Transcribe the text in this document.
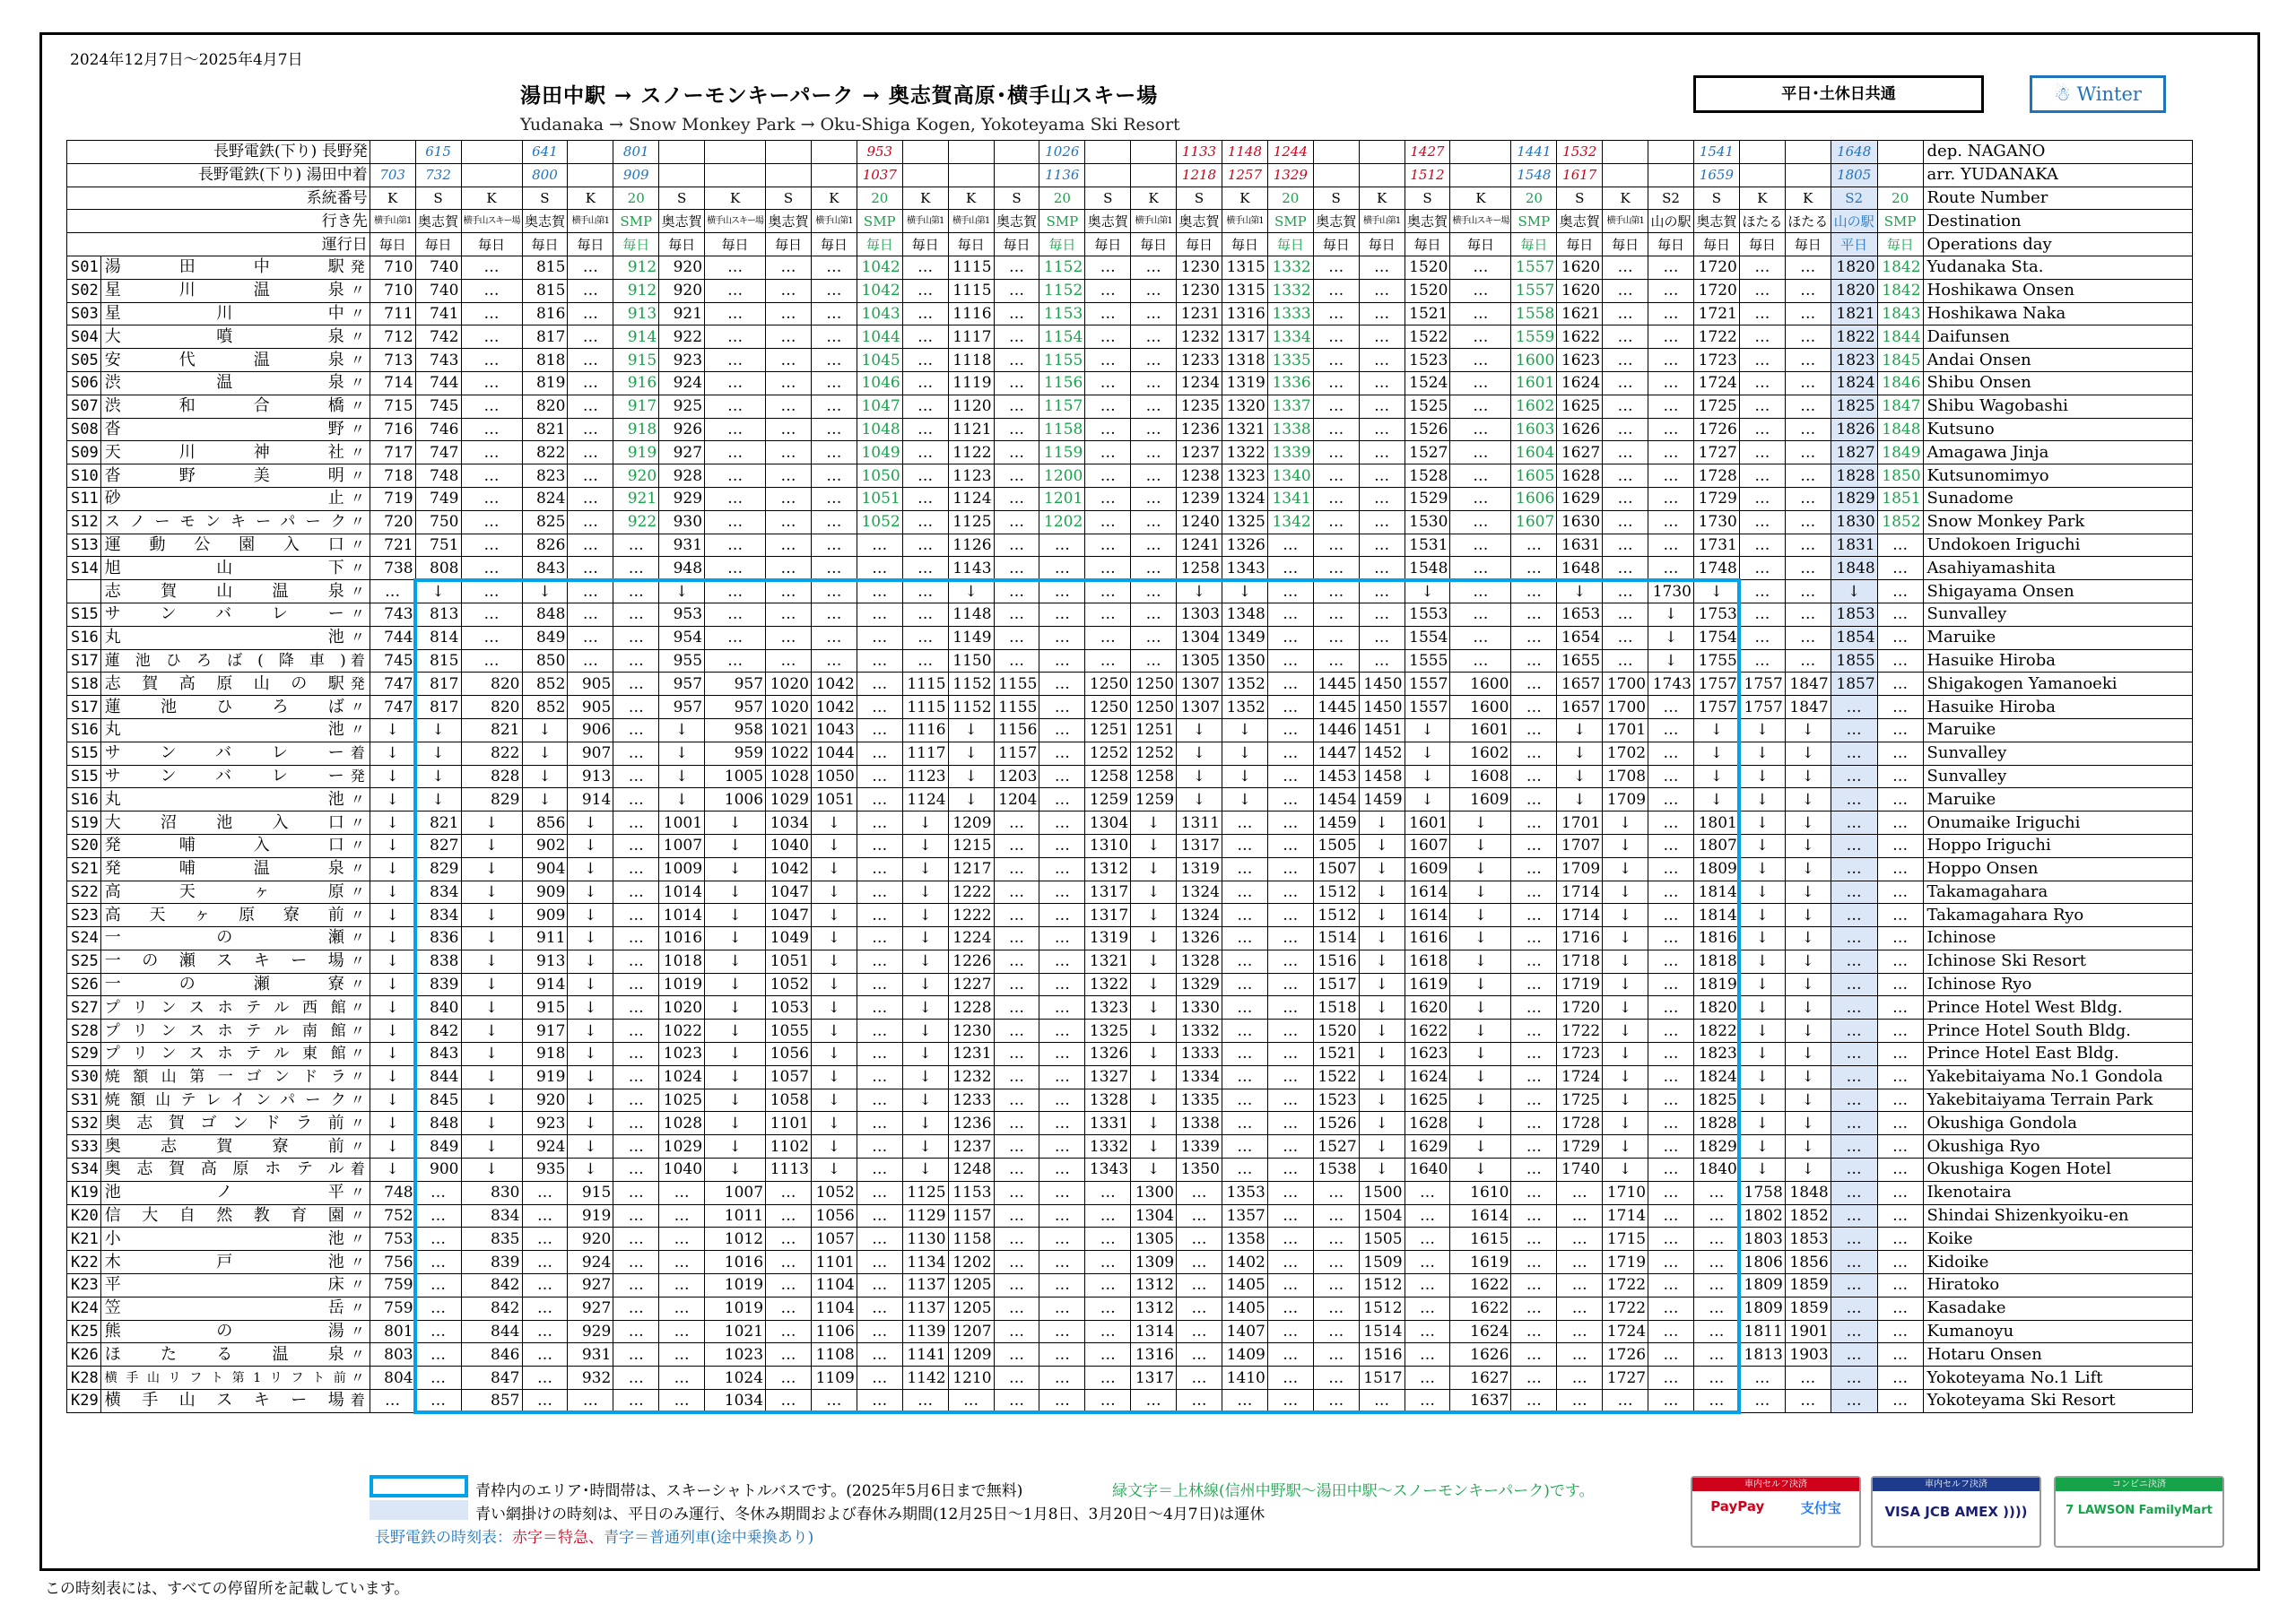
2024年12月7日～2025年4月7日
湯田中駅 → スノーモンキーパーク → 奥志賀高原･横手山スキー場
Yudanaka → Snow Monkey Park → Oku-Shiga Kogen, Yokoteyama Ski Resort
平日･土休日共通	☃ Winter
長野電鉄(下り) 長野発			615		641		801					953				1026			1133	1148	1244			1427		1441	1532			1541			1648		dep. NAGANO
長野電鉄(下り) 湯田中着		703	732		800		909					1037				1136			1218	1257	1329			1512		1548	1617			1659			1805		arr. YUDANAKA
系統番号		K	S	K	S	K	20	S	K	S	K	20	K	K	S	20	S	K	S	K	20	S	K	S	K	20	S	K	S2	S	K	K	S2	20	Route Number
行き先		横手山第1	奥志賀	横手山スキー場	奥志賀	横手山第1	SMP	奥志賀	横手山スキー場	奥志賀	横手山第1	SMP	横手山第1	横手山第1	奥志賀	SMP	奥志賀	横手山第1	奥志賀	横手山第1	SMP	奥志賀	横手山第1	奥志賀	横手山スキー場	SMP	奥志賀	横手山第1	山の駅	奥志賀	ほたる	ほたる	山の駅	SMP	Destination
運行日		毎日	毎日	毎日	毎日	毎日	毎日	毎日	毎日	毎日	毎日	毎日	毎日	毎日	毎日	毎日	毎日	毎日	毎日	毎日	毎日	毎日	毎日	毎日	毎日	毎日	毎日	毎日	毎日	毎日	毎日	毎日	平日	毎日	Operations day
S01	湯田中駅 発	710	740	…	815	…	912	920	…	…	…	1042	…	1115	…	1152	…	…	1230	1315	1332	…	…	1520	…	1557	1620	…	…	1720	…	…	1820	1842	Yudanaka Sta.
S02	星川温泉 〃	710	740	…	815	…	912	920	…	…	…	1042	…	1115	…	1152	…	…	1230	1315	1332	…	…	1520	…	1557	1620	…	…	1720	…	…	1820	1842	Hoshikawa Onsen
S03	星川中 〃	711	741	…	816	…	913	921	…	…	…	1043	…	1116	…	1153	…	…	1231	1316	1333	…	…	1521	…	1558	1621	…	…	1721	…	…	1821	1843	Hoshikawa Naka
S04	大噴泉 〃	712	742	…	817	…	914	922	…	…	…	1044	…	1117	…	1154	…	…	1232	1317	1334	…	…	1522	…	1559	1622	…	…	1722	…	…	1822	1844	Daifunsen
S05	安代温泉 〃	713	743	…	818	…	915	923	…	…	…	1045	…	1118	…	1155	…	…	1233	1318	1335	…	…	1523	…	1600	1623	…	…	1723	…	…	1823	1845	Andai Onsen
S06	渋温泉 〃	714	744	…	819	…	916	924	…	…	…	1046	…	1119	…	1156	…	…	1234	1319	1336	…	…	1524	…	1601	1624	…	…	1724	…	…	1824	1846	Shibu Onsen
S07	渋和合橋 〃	715	745	…	820	…	917	925	…	…	…	1047	…	1120	…	1157	…	…	1235	1320	1337	…	…	1525	…	1602	1625	…	…	1725	…	…	1825	1847	Shibu Wagobashi
S08	沓野 〃	716	746	…	821	…	918	926	…	…	…	1048	…	1121	…	1158	…	…	1236	1321	1338	…	…	1526	…	1603	1626	…	…	1726	…	…	1826	1848	Kutsuno
S09	天川神社 〃	717	747	…	822	…	919	927	…	…	…	1049	…	1122	…	1159	…	…	1237	1322	1339	…	…	1527	…	1604	1627	…	…	1727	…	…	1827	1849	Amagawa Jinja
S10	沓野美明 〃	718	748	…	823	…	920	928	…	…	…	1050	…	1123	…	1200	…	…	1238	1323	1340	…	…	1528	…	1605	1628	…	…	1728	…	…	1828	1850	Kutsunomimyo
S11	砂止 〃	719	749	…	824	…	921	929	…	…	…	1051	…	1124	…	1201	…	…	1239	1324	1341	…	…	1529	…	1606	1629	…	…	1729	…	…	1829	1851	Sunadome
S12	スノーモンキーパーク 〃	720	750	…	825	…	922	930	…	…	…	1052	…	1125	…	1202	…	…	1240	1325	1342	…	…	1530	…	1607	1630	…	…	1730	…	…	1830	1852	Snow Monkey Park
S13	運動公園入口 〃	721	751	…	826	…	…	931	…	…	…	…	…	1126	…	…	…	…	1241	1326	…	…	…	1531	…	…	1631	…	…	1731	…	…	1831	…	Undokoen Iriguchi
S14	旭山下 〃	738	808	…	843	…	…	948	…	…	…	…	…	1143	…	…	…	…	1258	1343	…	…	…	1548	…	…	1648	…	…	1748	…	…	1848	…	Asahiyamashita

	志賀山温泉 〃	…	↓	…	↓	…	…	↓	…	…	…	…	…	↓	…	…	…	…	↓	↓	…	…	…	↓	…	…	↓	…	1730	↓	…	…	↓	…	Shigayama Onsen
S15	サンバレー 〃	743	813	…	848	…	…	953	…	…	…	…	…	1148	…	…	…	…	1303	1348	…	…	…	1553	…	…	1653	…	↓	1753	…	…	1853	…	Sunvalley
S16	丸池 〃	744	814	…	849	…	…	954	…	…	…	…	…	1149	…	…	…	…	1304	1349	…	…	…	1554	…	…	1654	…	↓	1754	…	…	1854	…	Maruike
S17	蓮池ひろば(降車) 着	745	815	…	850	…	…	955	…	…	…	…	…	1150	…	…	…	…	1305	1350	…	…	…	1555	…	…	1655	…	↓	1755	…	…	1855	…	Hasuike Hiroba
S18	志賀高原山の駅 発	747	817	820	852	905	…	957	957	1020	1042	…	1115	1152	1155	…	1250	1250	1307	1352	…	1445	1450	1557	1600	…	1657	1700	1743	1757	1757	1847	1857	…	Shigakogen Yamanoeki
S17	蓮池ひろば 〃	747	817	820	852	905	…	957	957	1020	1042	…	1115	1152	1155	…	1250	1250	1307	1352	…	1445	1450	1557	1600	…	1657	1700	…	1757	1757	1847	…	…	Hasuike Hiroba
S16	丸池 〃	↓	↓	821	↓	906	…	↓	958	1021	1043	…	1116	↓	1156	…	1251	1251	↓	↓	…	1446	1451	↓	1601	…	↓	1701	…	↓	↓	↓	…	…	Maruike
S15	サンバレー 着	↓	↓	822	↓	907	…	↓	959	1022	1044	…	1117	↓	1157	…	1252	1252	↓	↓	…	1447	1452	↓	1602	…	↓	1702	…	↓	↓	↓	…	…	Sunvalley
S15	サンバレー 発	↓	↓	828	↓	913	…	↓	1005	1028	1050	…	1123	↓	1203	…	1258	1258	↓	↓	…	1453	1458	↓	1608	…	↓	1708	…	↓	↓	↓	…	…	Sunvalley
S16	丸池 〃	↓	↓	829	↓	914	…	↓	1006	1029	1051	…	1124	↓	1204	…	1259	1259	↓	↓	…	1454	1459	↓	1609	…	↓	1709	…	↓	↓	↓	…	…	Maruike
S19	大沼池入口 〃	↓	821	↓	856	↓	…	1001	↓	1034	↓	…	↓	1209	…	…	1304	↓	1311	…	…	1459	↓	1601	↓	…	1701	↓	…	1801	↓	↓	…	…	Onumaike Iriguchi
S20	発哺入口 〃	↓	827	↓	902	↓	…	1007	↓	1040	↓	…	↓	1215	…	…	1310	↓	1317	…	…	1505	↓	1607	↓	…	1707	↓	…	1807	↓	↓	…	…	Hoppo Iriguchi
S21	発哺温泉 〃	↓	829	↓	904	↓	…	1009	↓	1042	↓	…	↓	1217	…	…	1312	↓	1319	…	…	1507	↓	1609	↓	…	1709	↓	…	1809	↓	↓	…	…	Hoppo Onsen
S22	高天ヶ原 〃	↓	834	↓	909	↓	…	1014	↓	1047	↓	…	↓	1222	…	…	1317	↓	1324	…	…	1512	↓	1614	↓	…	1714	↓	…	1814	↓	↓	…	…	Takamagahara
S23	高天ヶ原寮前 〃	↓	834	↓	909	↓	…	1014	↓	1047	↓	…	↓	1222	…	…	1317	↓	1324	…	…	1512	↓	1614	↓	…	1714	↓	…	1814	↓	↓	…	…	Takamagahara Ryo
S24	一の瀬 〃	↓	836	↓	911	↓	…	1016	↓	1049	↓	…	↓	1224	…	…	1319	↓	1326	…	…	1514	↓	1616	↓	…	1716	↓	…	1816	↓	↓	…	…	Ichinose
S25	一の瀬スキー場 〃	↓	838	↓	913	↓	…	1018	↓	1051	↓	…	↓	1226	…	…	1321	↓	1328	…	…	1516	↓	1618	↓	…	1718	↓	…	1818	↓	↓	…	…	Ichinose Ski Resort
S26	一の瀬寮 〃	↓	839	↓	914	↓	…	1019	↓	1052	↓	…	↓	1227	…	…	1322	↓	1329	…	…	1517	↓	1619	↓	…	1719	↓	…	1819	↓	↓	…	…	Ichinose Ryo
S27	プリンスホテル西館 〃	↓	840	↓	915	↓	…	1020	↓	1053	↓	…	↓	1228	…	…	1323	↓	1330	…	…	1518	↓	1620	↓	…	1720	↓	…	1820	↓	↓	…	…	Prince Hotel West Bldg.
S28	プリンスホテル南館 〃	↓	842	↓	917	↓	…	1022	↓	1055	↓	…	↓	1230	…	…	1325	↓	1332	…	…	1520	↓	1622	↓	…	1722	↓	…	1822	↓	↓	…	…	Prince Hotel South Bldg.
S29	プリンスホテル東館 〃	↓	843	↓	918	↓	…	1023	↓	1056	↓	…	↓	1231	…	…	1326	↓	1333	…	…	1521	↓	1623	↓	…	1723	↓	…	1823	↓	↓	…	…	Prince Hotel East Bldg.
S30	焼額山第一ゴンドラ 〃	↓	844	↓	919	↓	…	1024	↓	1057	↓	…	↓	1232	…	…	1327	↓	1334	…	…	1522	↓	1624	↓	…	1724	↓	…	1824	↓	↓	…	…	Yakebitaiyama No.1 Gondola
S31	焼額山テレインパーク 〃	↓	845	↓	920	↓	…	1025	↓	1058	↓	…	↓	1233	…	…	1328	↓	1335	…	…	1523	↓	1625	↓	…	1725	↓	…	1825	↓	↓	…	…	Yakebitaiyama Terrain Park
S32	奥志賀ゴンドラ前 〃	↓	848	↓	923	↓	…	1028	↓	1101	↓	…	↓	1236	…	…	1331	↓	1338	…	…	1526	↓	1628	↓	…	1728	↓	…	1828	↓	↓	…	…	Okushiga Gondola
S33	奥志賀寮前 〃	↓	849	↓	924	↓	…	1029	↓	1102	↓	…	↓	1237	…	…	1332	↓	1339	…	…	1527	↓	1629	↓	…	1729	↓	…	1829	↓	↓	…	…	Okushiga Ryo
S34	奥志賀高原ホテル 着	↓	900	↓	935	↓	…	1040	↓	1113	↓	…	↓	1248	…	…	1343	↓	1350	…	…	1538	↓	1640	↓	…	1740	↓	…	1840	↓	↓	…	…	Okushiga Kogen Hotel
K19	池ノ平 〃	748	…	830	…	915	…	…	1007	…	1052	…	1125	1153	…	…	…	1300	…	1353	…	…	1500	…	1610	…	…	1710	…	…	1758	1848	…	…	Ikenotaira
K20	信大自然教育園 〃	752	…	834	…	919	…	…	1011	…	1056	…	1129	1157	…	…	…	1304	…	1357	…	…	1504	…	1614	…	…	1714	…	…	1802	1852	…	…	Shindai Shizenkyoiku-en
K21	小池 〃	753	…	835	…	920	…	…	1012	…	1057	…	1130	1158	…	…	…	1305	…	1358	…	…	1505	…	1615	…	…	1715	…	…	1803	1853	…	…	Koike
K22	木戸池 〃	756	…	839	…	924	…	…	1016	…	1101	…	1134	1202	…	…	…	1309	…	1402	…	…	1509	…	1619	…	…	1719	…	…	1806	1856	…	…	Kidoike
K23	平床 〃	759	…	842	…	927	…	…	1019	…	1104	…	1137	1205	…	…	…	1312	…	1405	…	…	1512	…	1622	…	…	1722	…	…	1809	1859	…	…	Hiratoko
K24	笠岳 〃	759	…	842	…	927	…	…	1019	…	1104	…	1137	1205	…	…	…	1312	…	1405	…	…	1512	…	1622	…	…	1722	…	…	1809	1859	…	…	Kasadake
K25	熊の湯 〃	801	…	844	…	929	…	…	1021	…	1106	…	1139	1207	…	…	…	1314	…	1407	…	…	1514	…	1624	…	…	1724	…	…	1811	1901	…	…	Kumanoyu
K26	ほたる温泉 〃	803	…	846	…	931	…	…	1023	…	1108	…	1141	1209	…	…	…	1316	…	1409	…	…	1516	…	1626	…	…	1726	…	…	1813	1903	…	…	Hotaru Onsen
K28	横手山リフト第1リフト前 〃	804	…	847	…	932	…	…	1024	…	1109	…	1142	1210	…	…	…	1317	…	1410	…	…	1517	…	1627	…	…	1727	…	…	…	…	…	…	Yokoteyama No.1 Lift
K29	横手山スキー場 着	…	…	857	…	…	…	…	1034	…	…	…	…	…	…	…	…	…	…	…	…	…	…	…	1637	…	…	…	…	…	…	…	…	…	Yokoteyama Ski Resort
青枠内のエリア･時間帯は、スキーシャトルバスです。(2025年5月6日まで無料)	緑文字＝上林線(信州中野駅～湯田中駅～スノーモンキーパーク)です。
青い網掛けの時刻は、平日のみ運行、冬休み期間および春休み期間(12月25日～1月8日、3月20日～4月7日)は運休
長野電鉄の時刻表：赤字＝特急、青字＝普通列車(途中乗換あり)
車内セルフ決済
PayPay	支付宝
車内セルフ決済
VISA JCB AMEX ))))
コンビニ決済
7 LAWSON FamilyMart
この時刻表には、すべての停留所を記載しています。
